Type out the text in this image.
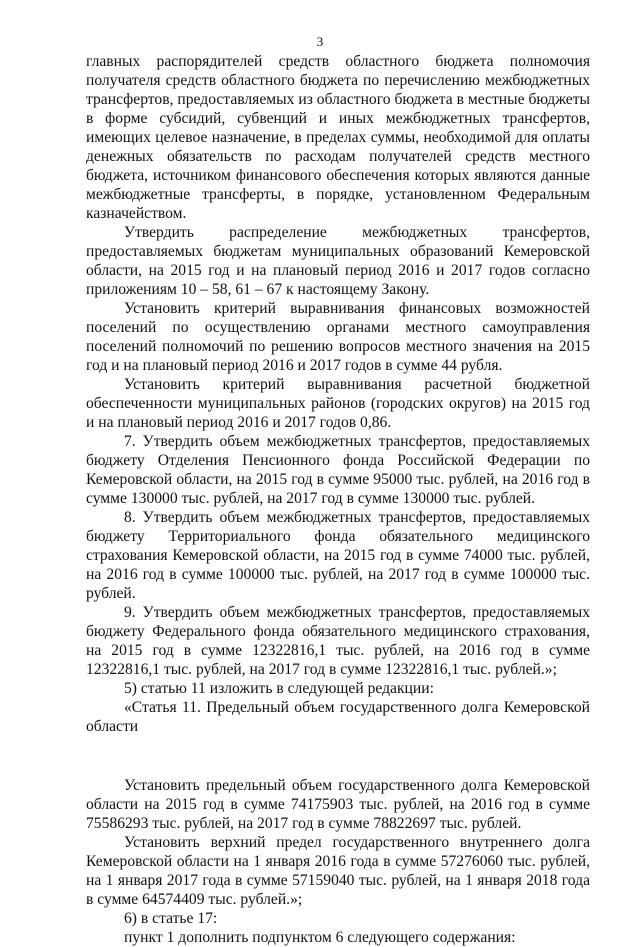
3

главных распорядителей средств областного бюджета полномочия получателя средств областного бюджета по перечислению межбюджетных трансфертов, предоставляемых из областного бюджета в местные бюджеты в форме субсидий, субвенций и иных межбюджетных трансфертов, имеющих целевое назначение, в пределах суммы, необходимой для оплаты денежных обязательств по расходам получателей средств местного бюджета, источником финансового обеспечения которых являются данные межбюджетные трансферты, в порядке, установленном Федеральным казначейством.

Утвердить распределение межбюджетных трансфертов, предоставляемых бюджетам муниципальных образований Кемеровской области, на 2015 год и на плановый период 2016 и 2017 годов согласно приложениям 10 – 58, 61 – 67 к настоящему Закону.

Установить критерий выравнивания финансовых возможностей поселений по осуществлению органами местного самоуправления поселений полномочий по решению вопросов местного значения на 2015 год и на плановый период 2016 и 2017 годов в сумме 44 рубля.

Установить критерий выравнивания расчетной бюджетной обеспеченности муниципальных районов (городских округов) на 2015 год и на плановый период 2016 и 2017 годов 0,86.

7. Утвердить объем межбюджетных трансфертов, предоставляемых бюджету Отделения Пенсионного фонда Российской Федерации по Кемеровской области, на 2015 год в сумме 95000 тыс. рублей, на 2016 год в сумме 130000 тыс. рублей, на 2017 год в сумме 130000 тыс. рублей.

8. Утвердить объем межбюджетных трансфертов, предоставляемых бюджету Территориального фонда обязательного медицинского страхования Кемеровской области, на 2015 год в сумме 74000 тыс. рублей, на 2016 год в сумме 100000 тыс. рублей, на 2017 год в сумме 100000 тыс. рублей.

9. Утвердить объем межбюджетных трансфертов, предоставляемых бюджету Федерального фонда обязательного медицинского страхования, на 2015 год в сумме 12322816,1 тыс. рублей, на 2016 год в сумме 12322816,1 тыс. рублей, на 2017 год в сумме 12322816,1 тыс. рублей.»;

5) статью 11 изложить в следующей редакции:

«Статья 11. Предельный объем государственного долга Кемеровской области

Установить предельный объем государственного долга Кемеровской области на 2015 год в сумме 74175903 тыс. рублей, на 2016 год в сумме 75586293 тыс. рублей, на 2017 год в сумме 78822697 тыс. рублей.

Установить верхний предел государственного внутреннего долга Кемеровской области на 1 января 2016 года в сумме 57276060 тыс. рублей, на 1 января 2017 года в сумме 57159040 тыс. рублей, на 1 января 2018 года в сумме 64574409 тыс. рублей.»;

6) в статье 17:

пункт 1 дополнить подпунктом 6 следующего содержания:
